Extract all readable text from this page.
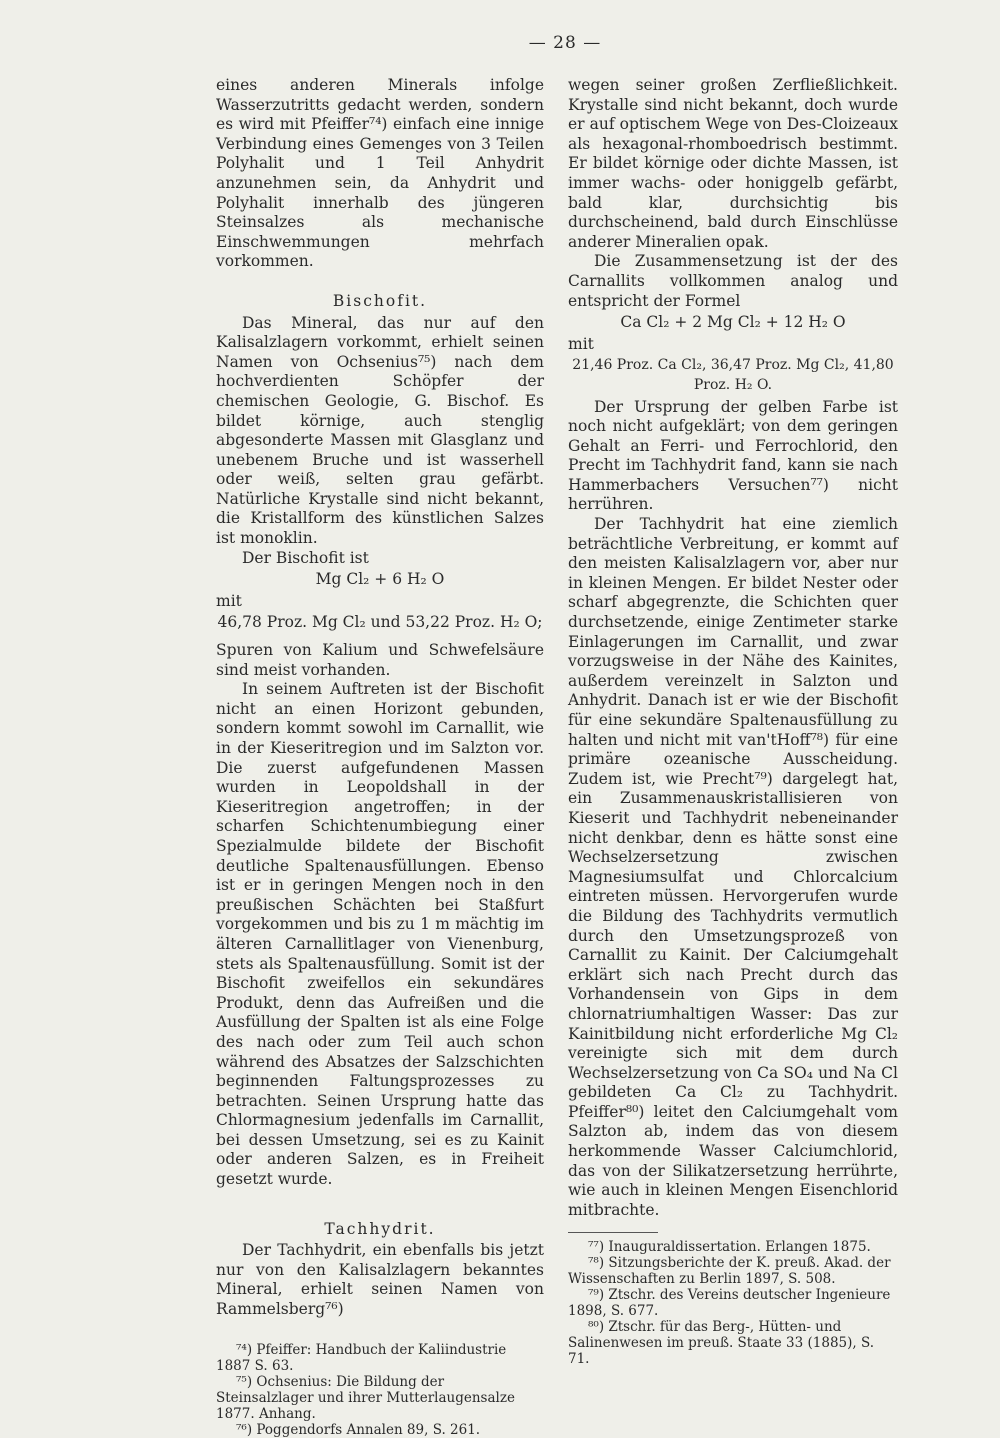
— 28 —

eines anderen Minerals infolge Wasserzutritts gedacht werden, sondern es wird mit Pfeiffer⁷⁴) einfach eine innige Verbindung eines Gemenges von 3 Teilen Polyhalit und 1 Teil Anhydrit anzunehmen sein, da Anhydrit und Polyhalit innerhalb des jüngeren Steinsalzes als mechanische Einschwemmungen mehrfach vorkommen.

Bischofit.

Das Mineral, das nur auf den Kalisalzlagern vorkommt, erhielt seinen Namen von Ochsenius⁷⁵) nach dem hochverdienten Schöpfer der chemischen Geologie, G. Bischof. Es bildet körnige, auch stenglig abgesonderte Massen mit Glasglanz und unebenem Bruche und ist wasserhell oder weiß, selten grau gefärbt. Natürliche Krystalle sind nicht bekannt, die Kristallform des künstlichen Salzes ist monoklin.

Der Bischofit ist

Mg Cl₂ + 6 H₂ O

mit

46,78 Proz. Mg Cl₂ und 53,22 Proz. H₂ O;

Spuren von Kalium und Schwefelsäure sind meist vorhanden.

In seinem Auftreten ist der Bischofit nicht an einen Horizont gebunden, sondern kommt sowohl im Carnallit, wie in der Kieseritregion und im Salzton vor. Die zuerst aufgefundenen Massen wurden in Leopoldshall in der Kieseritregion angetroffen; in der scharfen Schichtenumbiegung einer Spezialmulde bildete der Bischofit deutliche Spaltenausfüllungen. Ebenso ist er in geringen Mengen noch in den preußischen Schächten bei Staßfurt vorgekommen und bis zu 1 m mächtig im älteren Carnallitlager von Vienenburg, stets als Spaltenausfüllung. Somit ist der Bischofit zweifellos ein sekundäres Produkt, denn das Aufreißen und die Ausfüllung der Spalten ist als eine Folge des nach oder zum Teil auch schon während des Absatzes der Salzschichten beginnenden Faltungsprozesses zu betrachten. Seinen Ursprung hatte das Chlormagnesium jedenfalls im Carnallit, bei dessen Umsetzung, sei es zu Kainit oder anderen Salzen, es in Freiheit gesetzt wurde.

Tachhydrit.

Der Tachhydrit, ein ebenfalls bis jetzt nur von den Kalisalzlagern bekanntes Mineral, erhielt seinen Namen von Rammelsberg⁷⁶)

⁷⁴) Pfeiffer: Handbuch der Kaliindustrie 1887 S. 63.

⁷⁵) Ochsenius: Die Bildung der Steinsalzlager und ihrer Mutterlaugensalze 1877. Anhang.

⁷⁶) Poggendorfs Annalen 89, S. 261.

wegen seiner großen Zerfließlichkeit. Krystalle sind nicht bekannt, doch wurde er auf optischem Wege von Des-Cloizeaux als hexagonal-rhomboedrisch bestimmt. Er bildet körnige oder dichte Massen, ist immer wachs- oder honiggelb gefärbt, bald klar, durchsichtig bis durchscheinend, bald durch Einschlüsse anderer Mineralien opak.

Die Zusammensetzung ist der des Carnallits vollkommen analog und entspricht der Formel

Ca Cl₂ + 2 Mg Cl₂ + 12 H₂ O

mit

21,46 Proz. Ca Cl₂, 36,47 Proz. Mg Cl₂, 41,80 Proz. H₂ O.

Der Ursprung der gelben Farbe ist noch nicht aufgeklärt; von dem geringen Gehalt an Ferri- und Ferrochlorid, den Precht im Tachhydrit fand, kann sie nach Hammerbachers Versuchen⁷⁷) nicht herrühren.

Der Tachhydrit hat eine ziemlich beträchtliche Verbreitung, er kommt auf den meisten Kalisalzlagern vor, aber nur in kleinen Mengen. Er bildet Nester oder scharf abgegrenzte, die Schichten quer durchsetzende, einige Zentimeter starke Einlagerungen im Carnallit, und zwar vorzugsweise in der Nähe des Kainites, außerdem vereinzelt in Salzton und Anhydrit. Danach ist er wie der Bischofit für eine sekundäre Spaltenausfüllung zu halten und nicht mit van'tHoff⁷⁸) für eine primäre ozeanische Ausscheidung. Zudem ist, wie Precht⁷⁹) dargelegt hat, ein Zusammenauskristallisieren von Kieserit und Tachhydrit nebeneinander nicht denkbar, denn es hätte sonst eine Wechselzersetzung zwischen Magnesiumsulfat und Chlorcalcium eintreten müssen. Hervorgerufen wurde die Bildung des Tachhydrits vermutlich durch den Umsetzungsprozeß von Carnallit zu Kainit. Der Calciumgehalt erklärt sich nach Precht durch das Vorhandensein von Gips in dem chlornatriumhaltigen Wasser: Das zur Kainitbildung nicht erforderliche Mg Cl₂ vereinigte sich mit dem durch Wechselzersetzung von Ca SO₄ und Na Cl gebildeten Ca Cl₂ zu Tachhydrit. Pfeiffer⁸⁰) leitet den Calciumgehalt vom Salzton ab, indem das von diesem herkommende Wasser Calciumchlorid, das von der Silikatzersetzung herrührte, wie auch in kleinen Mengen Eisenchlorid mitbrachte.

⁷⁷) Inauguraldissertation. Erlangen 1875.

⁷⁸) Sitzungsberichte der K. preuß. Akad. der Wissenschaften zu Berlin 1897, S. 508.

⁷⁹) Ztschr. des Vereins deutscher Ingenieure 1898, S. 677.

⁸⁰) Ztschr. für das Berg-, Hütten- und Salinenwesen im preuß. Staate 33 (1885), S. 71.
